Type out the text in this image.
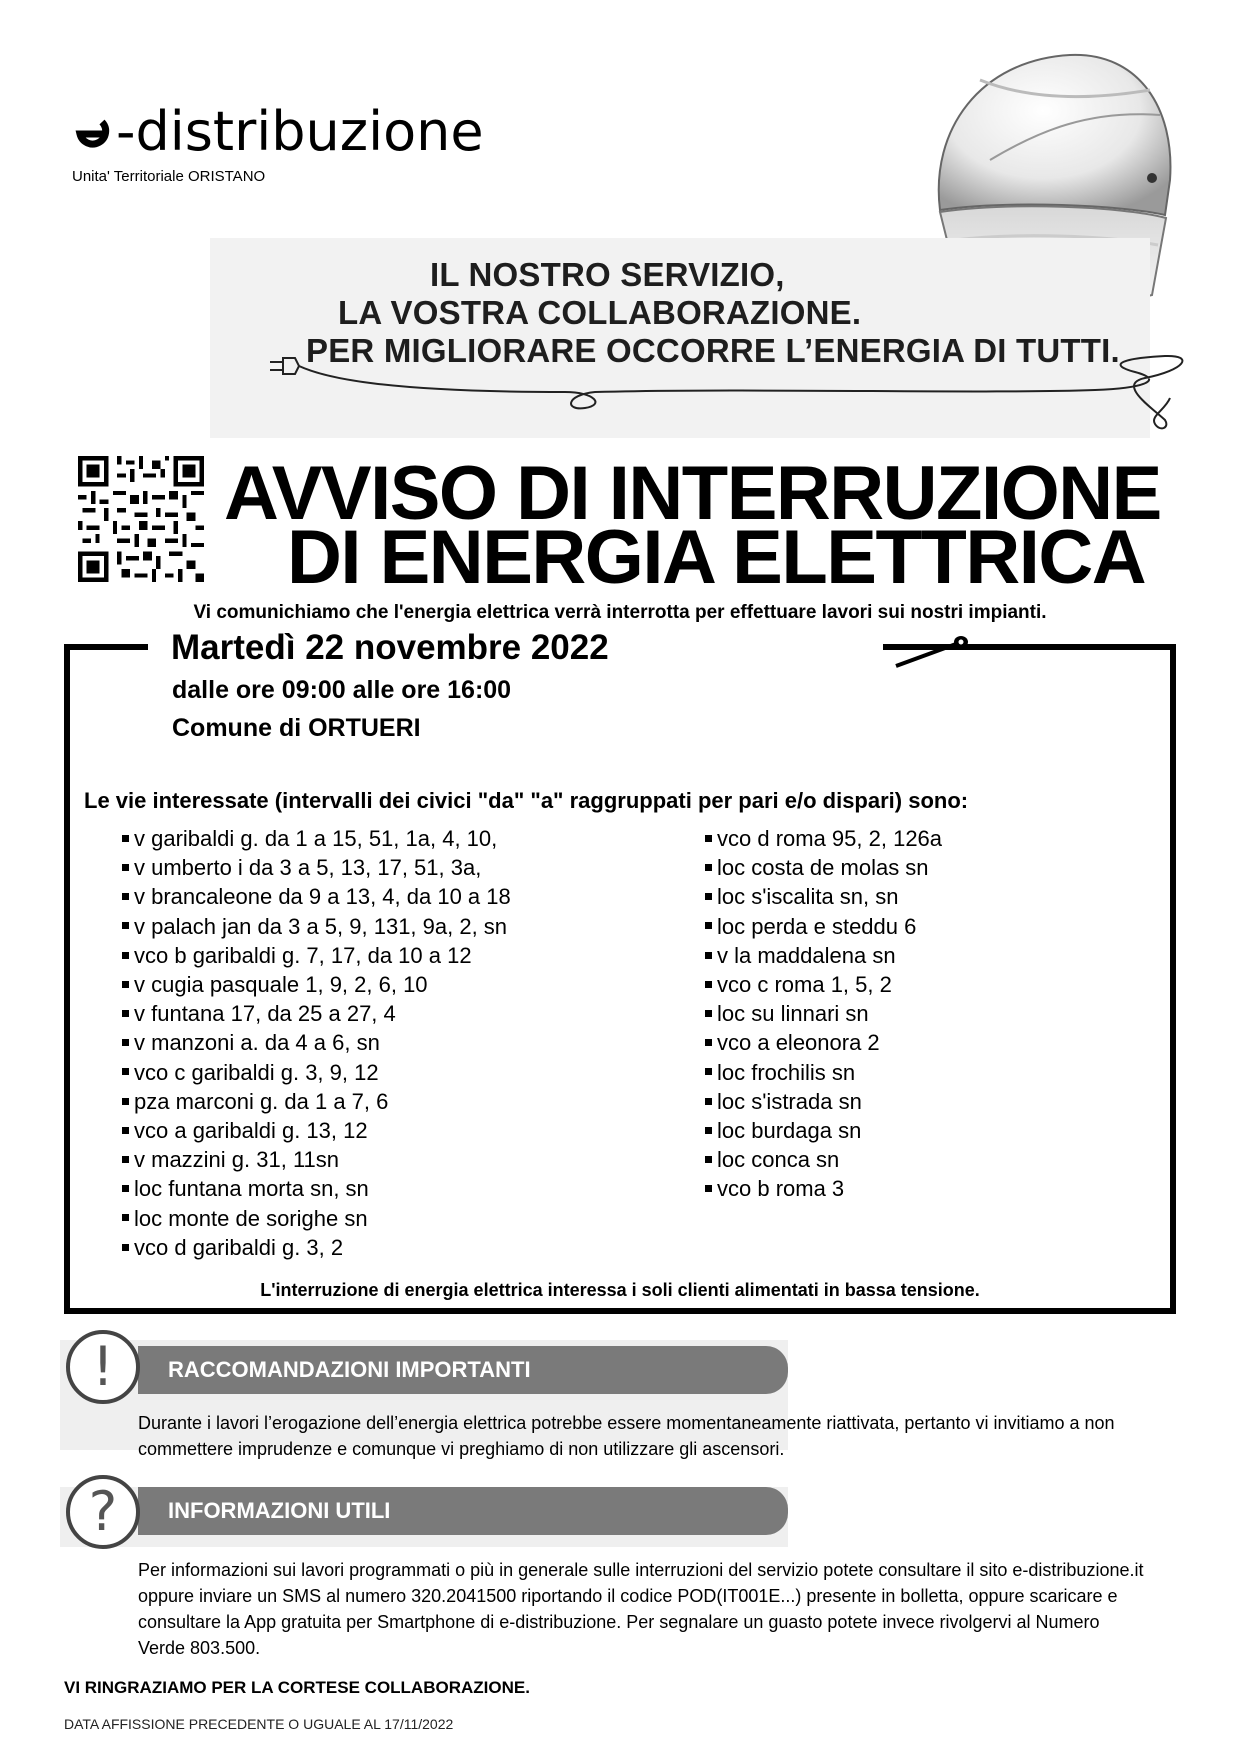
-distribuzione
Unita' Territoriale ORISTANO
IL NOSTRO SERVIZIO,
LA VOSTRA COLLABORAZIONE.
PER MIGLIORARE OCCORRE L’ENERGIA DI TUTTI.
AVVISO DI INTERRUZIONE
DI ENERGIA ELETTRICA
Vi comunichiamo che l'energia elettrica verrà interrotta per effettuare lavori sui nostri impianti.
Martedì 22 novembre 2022
dalle ore 09:00 alle ore 16:00
Comune di ORTUERI
Le vie interessate (intervalli dei civici "da" "a" raggruppati per pari e/o dispari) sono:
v garibaldi g. da 1 a 15, 51, 1a, 4, 10,
v umberto i da 3 a 5, 13, 17, 51, 3a,
v brancaleone da 9 a 13, 4, da 10 a 18
v palach jan da 3 a 5, 9, 131, 9a, 2, sn
vco b garibaldi g. 7, 17, da 10 a 12
v cugia pasquale 1, 9, 2, 6, 10
v funtana 17, da 25 a 27, 4
v manzoni a. da 4 a 6, sn
vco c garibaldi g. 3, 9, 12
pza marconi g. da 1 a 7, 6
vco a garibaldi g. 13, 12
v mazzini g. 31, 11sn
loc funtana morta sn, sn
loc monte de sorighe sn
vco d garibaldi g. 3, 2
vco d roma 95, 2, 126a
loc costa de molas sn
loc s'iscalita sn, sn
loc perda e steddu 6
v la maddalena sn
vco c roma 1, 5, 2
loc su linnari sn
vco a eleonora 2
loc frochilis sn
loc s'istrada sn
loc burdaga sn
loc conca sn
vco b roma 3
L'interruzione di energia elettrica interessa i soli clienti alimentati in bassa tensione.
RACCOMANDAZIONI IMPORTANTI
!
Durante i lavori l’erogazione dell’energia elettrica potrebbe essere momentaneamente riattivata, pertanto vi invitiamo a non commettere imprudenze e comunque vi preghiamo di non utilizzare gli ascensori.
INFORMAZIONI UTILI
?
Per informazioni sui lavori programmati o più in generale sulle interruzioni del servizio potete consultare il sito e-distribuzione.it oppure inviare un SMS al numero 320.2041500 riportando il codice POD(IT001E...) presente in bolletta, oppure scaricare e consultare la App gratuita per Smartphone di e-distribuzione. Per segnalare un guasto potete invece rivolgervi al Numero Verde 803.500.
VI RINGRAZIAMO PER LA CORTESE COLLABORAZIONE.
DATA AFFISSIONE PRECEDENTE O UGUALE AL 17/11/2022
